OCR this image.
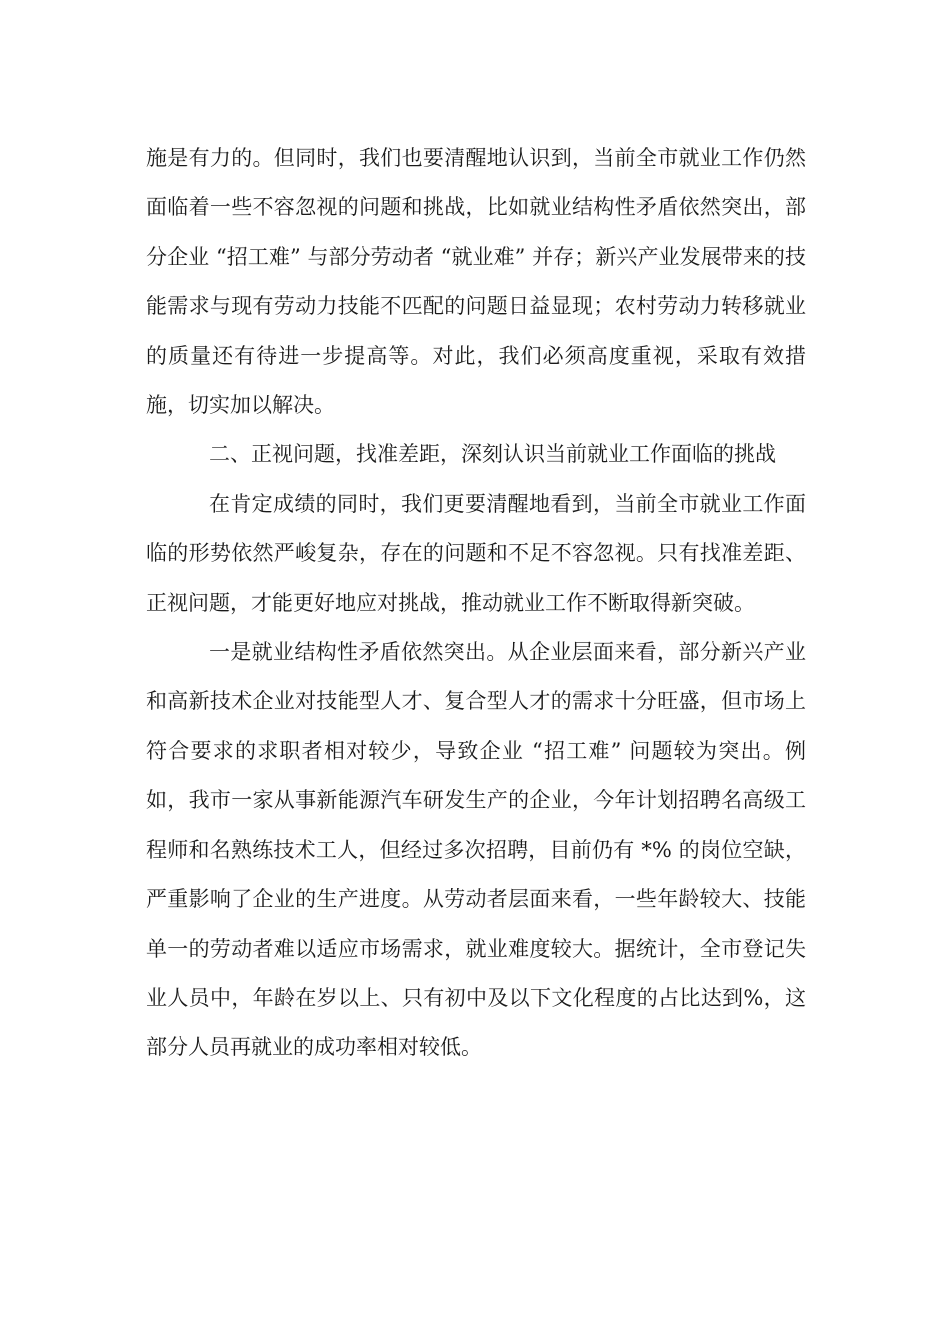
施是有力的。但同时，我们也要清醒地认识到，当前全市就业工作仍然面临着一些不容忽视的问题和挑战，比如就业结构性矛盾依然突出，部分企业 “招工难” 与部分劳动者 “就业难” 并存；新兴产业发展带来的技能需求与现有劳动力技能不匹配的问题日益显现；农村劳动力转移就业的质量还有待进一步提高等。对此，我们必须高度重视，采取有效措施，切实加以解决。

二、正视问题，找准差距，深刻认识当前就业工作面临的挑战

在肯定成绩的同时，我们更要清醒地看到，当前全市就业工作面临的形势依然严峻复杂，存在的问题和不足不容忽视。只有找准差距、正视问题，才能更好地应对挑战，推动就业工作不断取得新突破。

一是就业结构性矛盾依然突出。从企业层面来看，部分新兴产业和高新技术企业对技能型人才、复合型人才的需求十分旺盛，但市场上符合要求的求职者相对较少，导致企业 “招工难” 问题较为突出。例如，我市一家从事新能源汽车研发生产的企业，今年计划招聘名高级工程师和名熟练技术工人，但经过多次招聘，目前仍有 *% 的岗位空缺，严重影响了企业的生产进度。从劳动者层面来看，一些年龄较大、技能单一的劳动者难以适应市场需求，就业难度较大。据统计，全市登记失业人员中，年龄在岁以上、只有初中及以下文化程度的占比达到%，这部分人员再就业的成功率相对较低。
